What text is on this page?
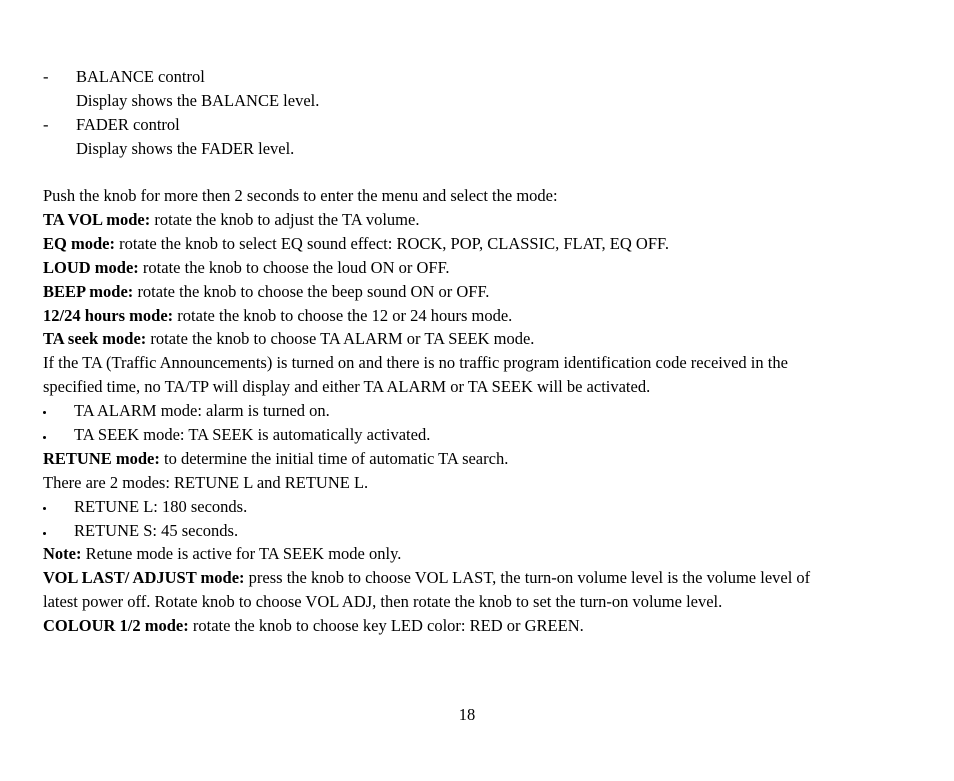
- BALANCE control
Display shows the BALANCE level.
- FADER control
Display shows the FADER level.
Push the knob for more then 2 seconds to enter the menu and select the mode:
TA VOL mode: rotate the knob to adjust the TA volume.
EQ mode: rotate the knob to select EQ sound effect: ROCK, POP, CLASSIC, FLAT, EQ OFF.
LOUD mode: rotate the knob to choose the loud ON or OFF.
BEEP mode: rotate the knob to choose the beep sound ON or OFF.
12/24 hours mode: rotate the knob to choose the 12 or 24 hours mode.
TA seek mode: rotate the knob to choose TA ALARM or TA SEEK mode.
If the TA (Traffic Announcements) is turned on and there is no traffic program identification code received in the
specified time, no TA/TP will display and either TA ALARM or TA SEEK will be activated.
TA ALARM mode: alarm is turned on.
TA SEEK mode: TA SEEK is automatically activated.
RETUNE mode: to determine the initial time of automatic TA search.
There are 2 modes: RETUNE L and RETUNE L.
RETUNE L: 180 seconds.
RETUNE S: 45 seconds.
Note: Retune mode is active for TA SEEK mode only.
VOL LAST/ ADJUST mode: press the knob to choose VOL LAST, the turn-on volume level is the volume level of
latest power off. Rotate knob to choose VOL ADJ, then rotate the knob to set the turn-on volume level.
COLOUR 1/2 mode: rotate the knob to choose key LED color: RED or GREEN.
18
